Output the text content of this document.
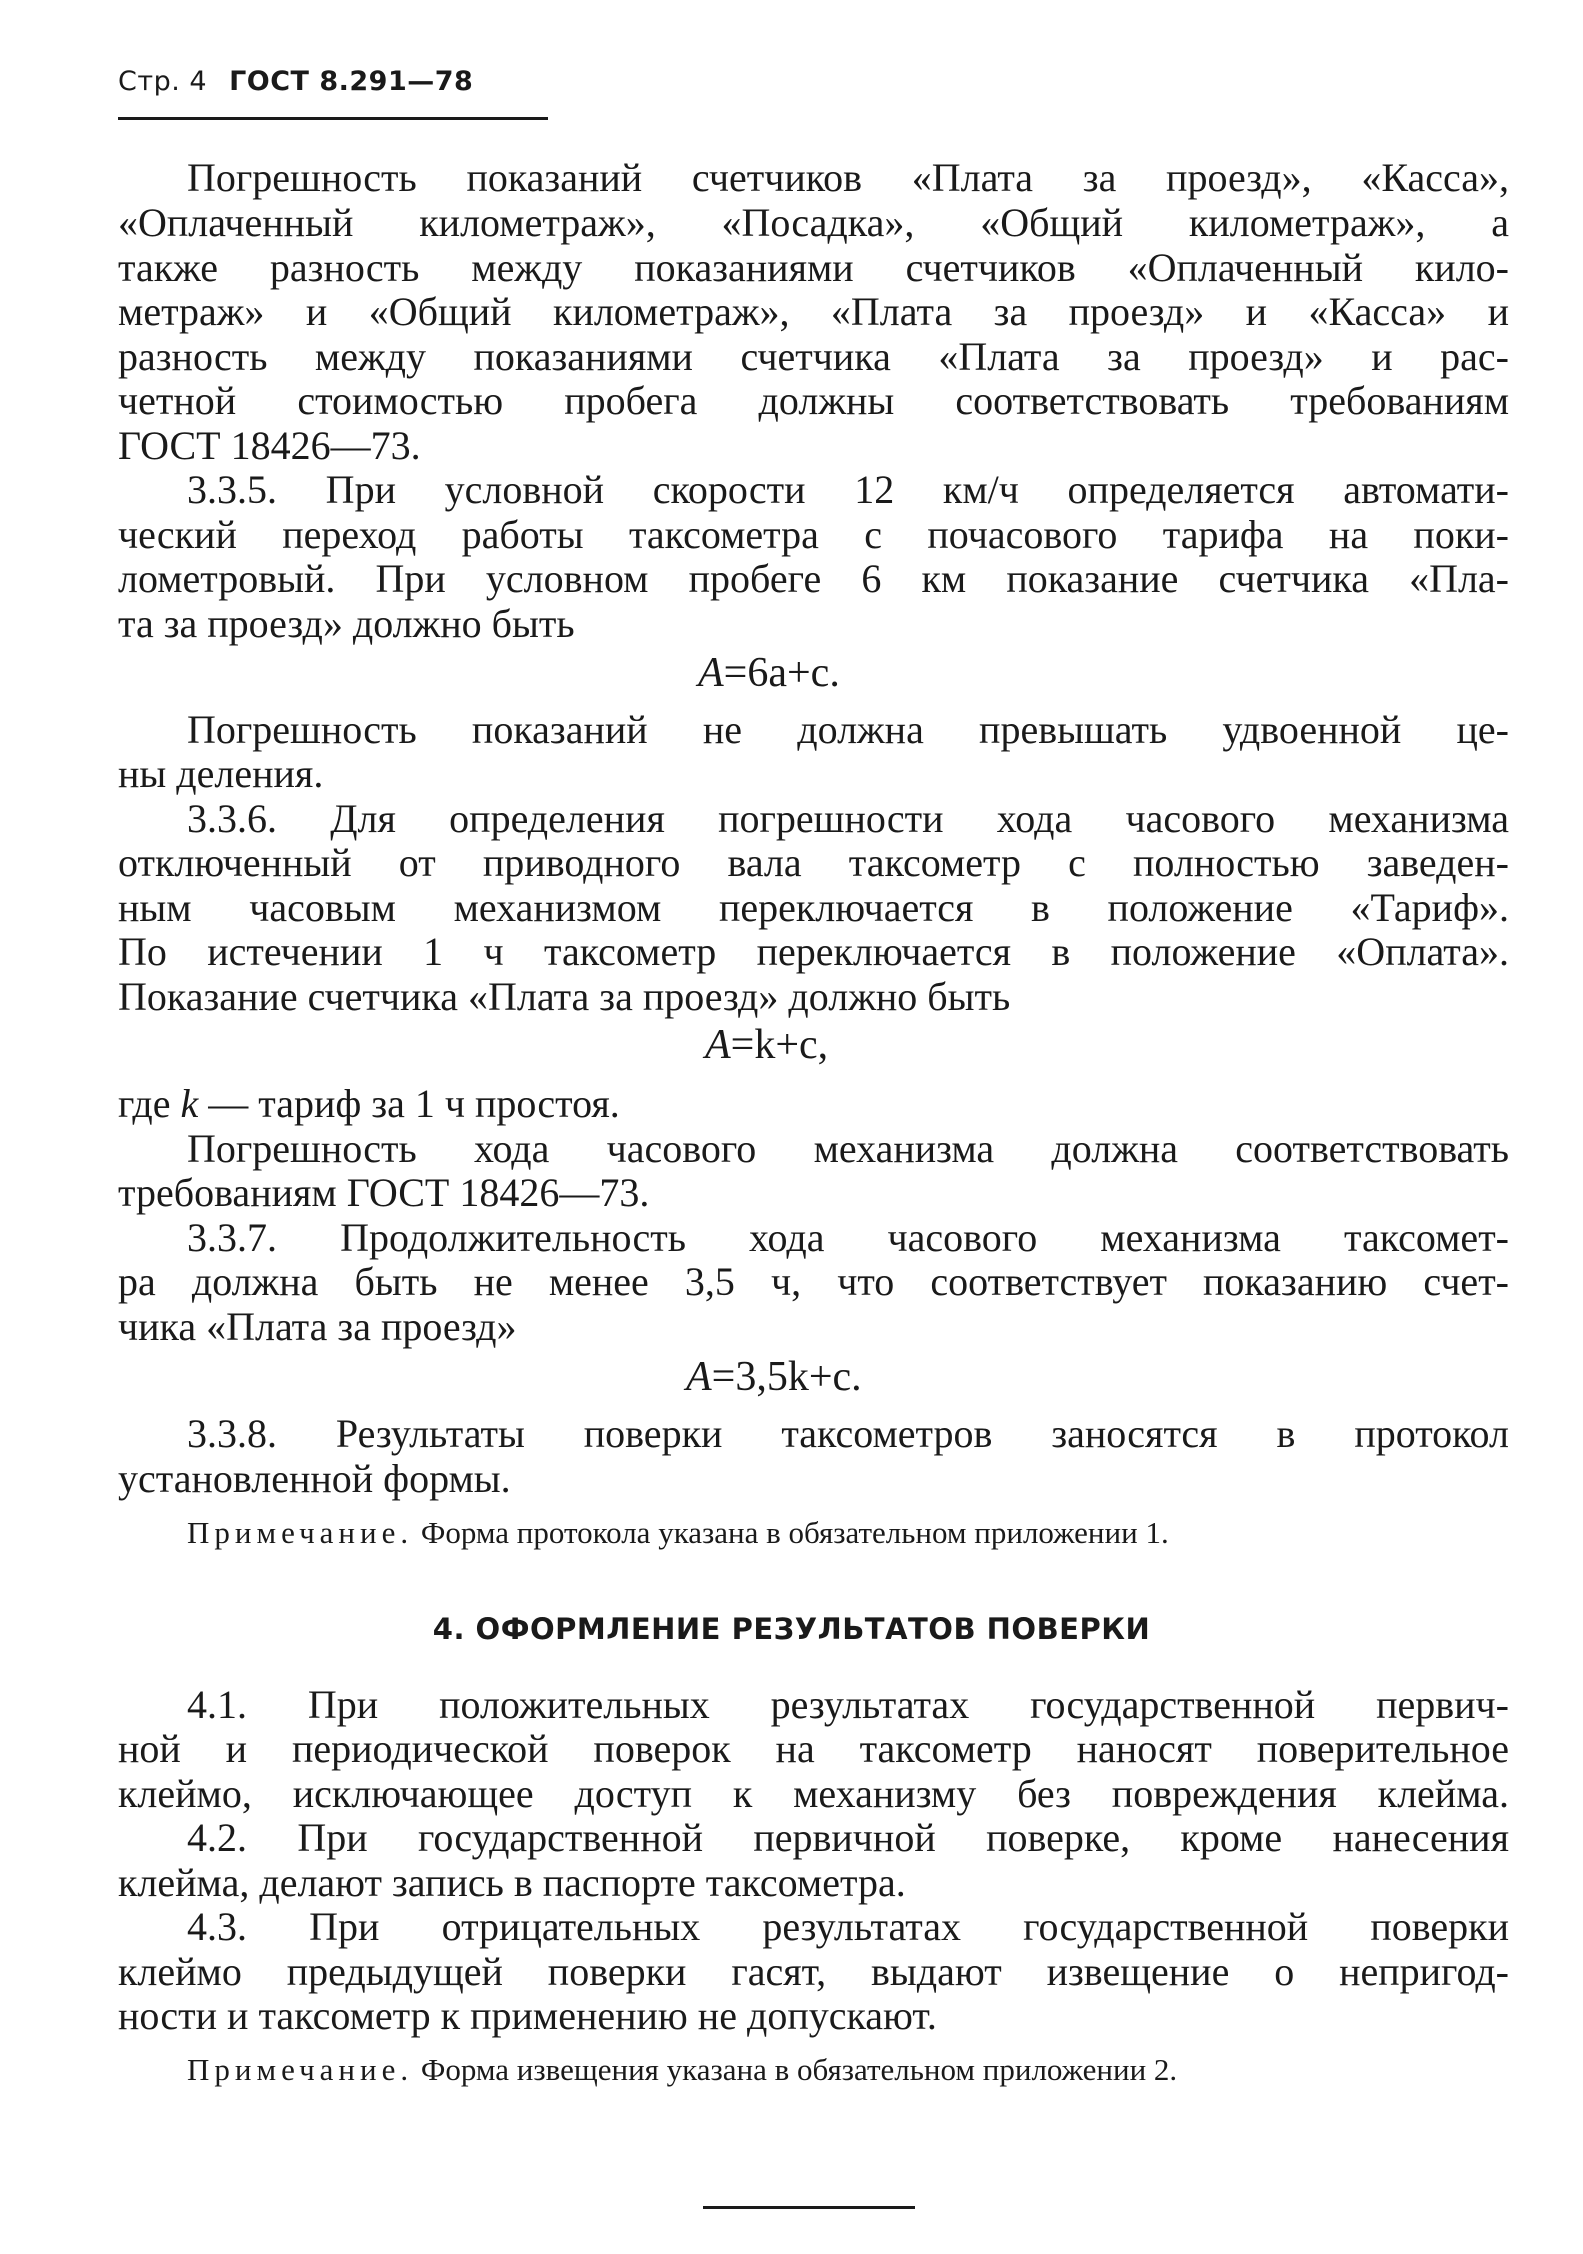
Стр. 4 ГОСТ 8.291—78
Погрешность показаний счетчиков «Плата за проезд», «Касса»,
«Оплаченный километраж», «Посадка», «Общий километраж», а
также разность между показаниями счетчиков «Оплаченный кило-
метраж» и «Общий километраж», «Плата за проезд» и «Касса» и
разность между показаниями счетчика «Плата за проезд» и рас-
четной стоимостью пробега должны соответствовать требованиям
ГОСТ 18426—73.
3.3.5. При условной скорости 12 км/ч определяется автомати-
ческий переход работы таксометра с почасового тарифа на поки-
лометровый. При условном пробеге 6 км показание счетчика «Пла-
та за проезд» должно быть
A=6a+c.
Погрешность показаний не должна превышать удвоенной це-
ны деления.
3.3.6. Для определения погрешности хода часового механизма
отключенный от приводного вала таксометр с полностью заведен-
ным часовым механизмом переключается в положение «Тариф».
По истечении 1 ч таксометр переключается в положение «Оплата».
Показание счетчика «Плата за проезд» должно быть
A=k+c,
где k — тариф за 1 ч простоя.
Погрешность хода часового механизма должна соответствовать
требованиям ГОСТ 18426—73.
3.3.7. Продолжительность хода часового механизма таксомет-
ра должна быть не менее 3,5 ч, что соответствует показанию счет-
чика «Плата за проезд»
A=3,5k+c.
3.3.8. Результаты поверки таксометров заносятся в протокол
установленной формы.
Примечание. Форма протокола указана в обязательном приложении 1.
4. ОФОРМЛЕНИЕ РЕЗУЛЬТАТОВ ПОВЕРКИ
4.1. При положительных результатах государственной первич-
ной и периодической поверок на таксометр наносят поверительное
клеймо, исключающее доступ к механизму без повреждения клейма.
4.2. При государственной первичной поверке, кроме нанесения
клейма, делают запись в паспорте таксометра.
4.3. При отрицательных результатах государственной поверки
клеймо предыдущей поверки гасят, выдают извещение о непригод-
ности и таксометр к применению не допускают.
Примечание. Форма извещения указана в обязательном приложении 2.
